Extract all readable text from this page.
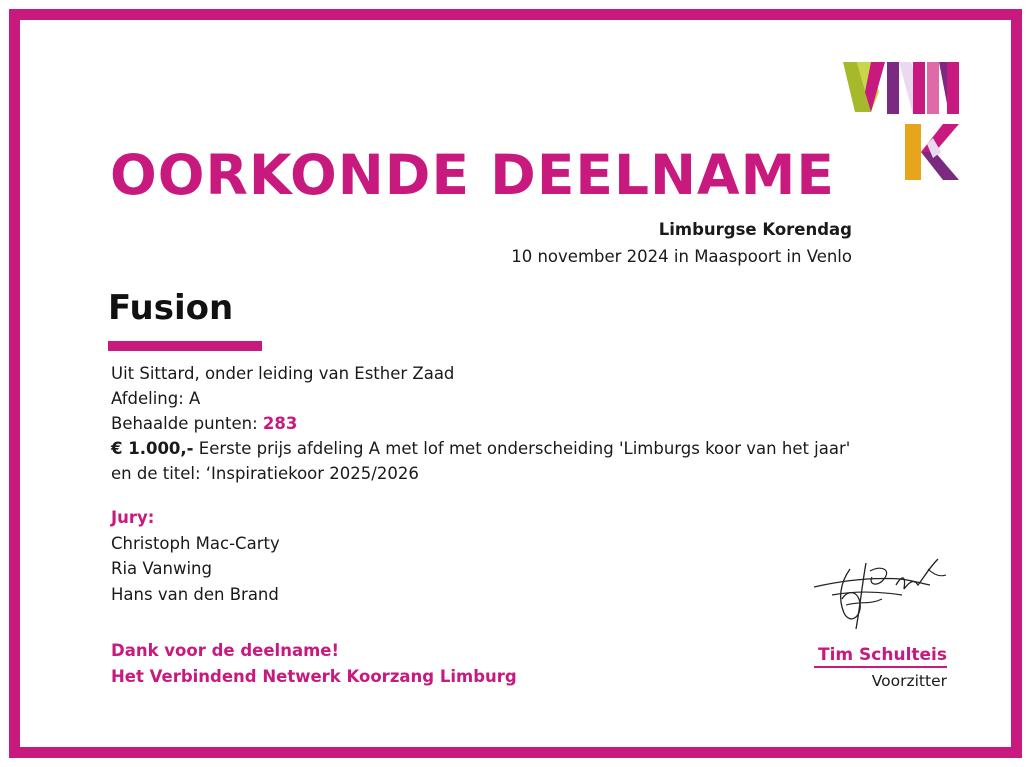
OORKONDE DEELNAME
Limburgse Korendag
10 november 2024 in Maaspoort in Venlo
Fusion
Uit Sittard, onder leiding van Esther Zaad
Afdeling: A
Behaalde punten: 283
€ 1.000,- Eerste prijs afdeling A met lof met onderscheiding 'Limburgs koor van het jaar'
en de titel: ‘Inspiratiekoor 2025/2026
Jury:
Christoph Mac-Carty
Ria Vanwing
Hans van den Brand
Dank voor de deelname!
Het Verbindend Netwerk Koorzang Limburg
Tim Schulteis
Voorzitter
